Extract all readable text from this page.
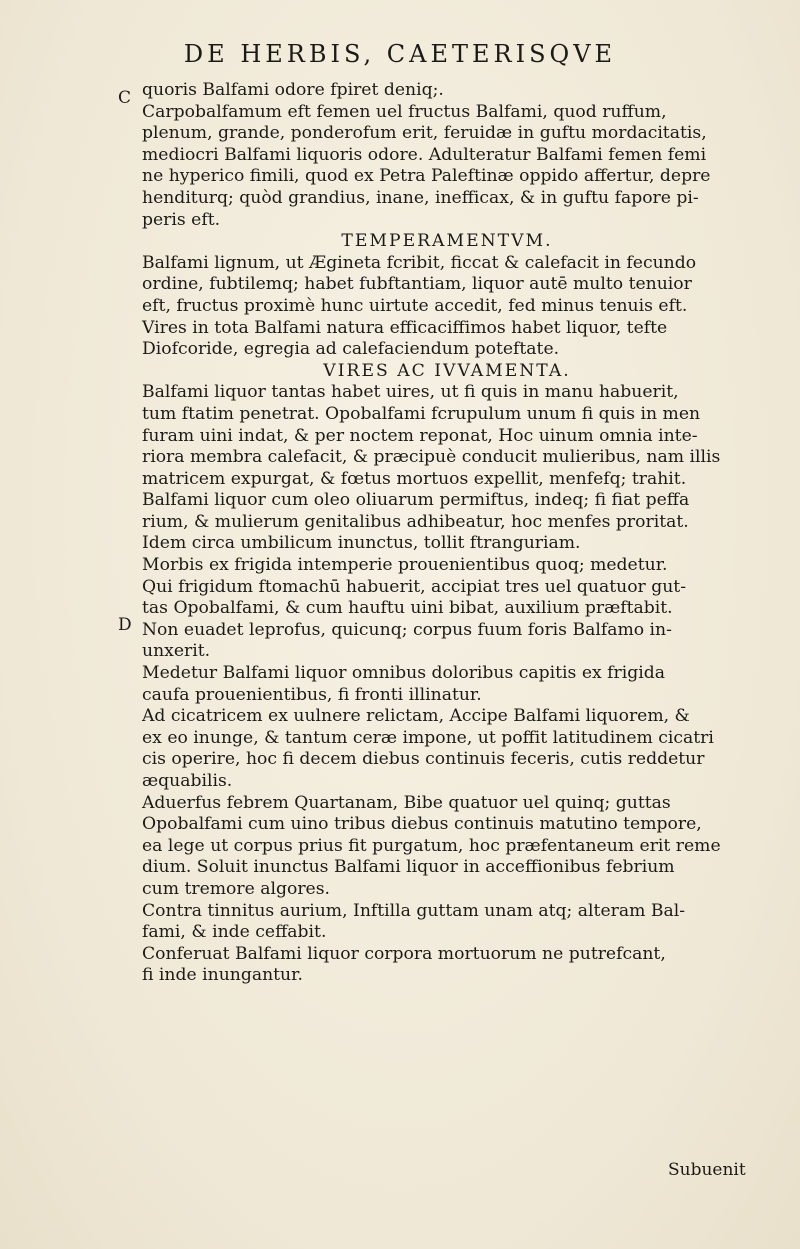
DE HERBIS, CAETERISQVE
C
D
quoris Balfami odore fpiret deniq;.
Carpobalfamum eft femen uel fructus Balfami, quod ruffum,
plenum, grande, ponderofum erit, feruidæ in guftu mordacitatis,
mediocri Balfami liquoris odore. Adulteratur Balfami femen femi
ne hyperico fimili, quod ex Petra Paleftinæ oppido affertur, depre
henditurq; quòd grandius, inane, inefficax, & in guftu fapore pi-
peris eft.
TEMPERAMENTVM.
Balfami lignum, ut Ægineta fcribit, ficcat & calefacit in fecundo
ordine, fubtilemq; habet fubftantiam, liquor autē multo tenuior
eft, fructus proximè hunc uirtute accedit, fed minus tenuis eft.
Vires in tota Balfami natura efficaciffimos habet liquor, tefte
Diofcoride, egregia ad calefaciendum poteftate.
VIRES AC IVVAMENTA.
Balfami liquor tantas habet uires, ut fi quis in manu habuerit,
tum ftatim penetrat. Opobalfami fcrupulum unum fi quis in men
furam uini indat, & per noctem reponat, Hoc uinum omnia inte-
riora membra calefacit, & præcipuè conducit mulieribus, nam illis
matricem expurgat, & fœtus mortuos expellit, menfefq; trahit.
Balfami liquor cum oleo oliuarum permiftus, indeq; fi fiat peffa
rium, & mulierum genitalibus adhibeatur, hoc menfes proritat.
Idem circa umbilicum inunctus, tollit ftranguriam.
Morbis ex frigida intemperie prouenientibus quoq; medetur.
Qui frigidum ftomachū habuerit, accipiat tres uel quatuor gut-
tas Opobalfami, & cum hauftu uini bibat, auxilium præftabit.
Non euadet leprofus, quicunq; corpus fuum foris Balfamo in-
unxerit.
Medetur Balfami liquor omnibus doloribus capitis ex frigida
caufa prouenientibus, fi fronti illinatur.
Ad cicatricem ex uulnere relictam, Accipe Balfami liquorem, &
ex eo inunge, & tantum ceræ impone, ut poffit latitudinem cicatri
cis operire, hoc fi decem diebus continuis feceris, cutis reddetur
æquabilis.
Aduerfus febrem Quartanam, Bibe quatuor uel quinq; guttas
Opobalfami cum uino tribus diebus continuis matutino tempore,
ea lege ut corpus prius fit purgatum, hoc præfentaneum erit reme
dium. Soluit inunctus Balfami liquor in acceffionibus febrium
cum tremore algores.
Contra tinnitus aurium, Inftilla guttam unam atq; alteram Bal-
fami, & inde ceffabit.
Conferuat Balfami liquor corpora mortuorum ne putrefcant,
fi inde inungantur.
Subuenit
